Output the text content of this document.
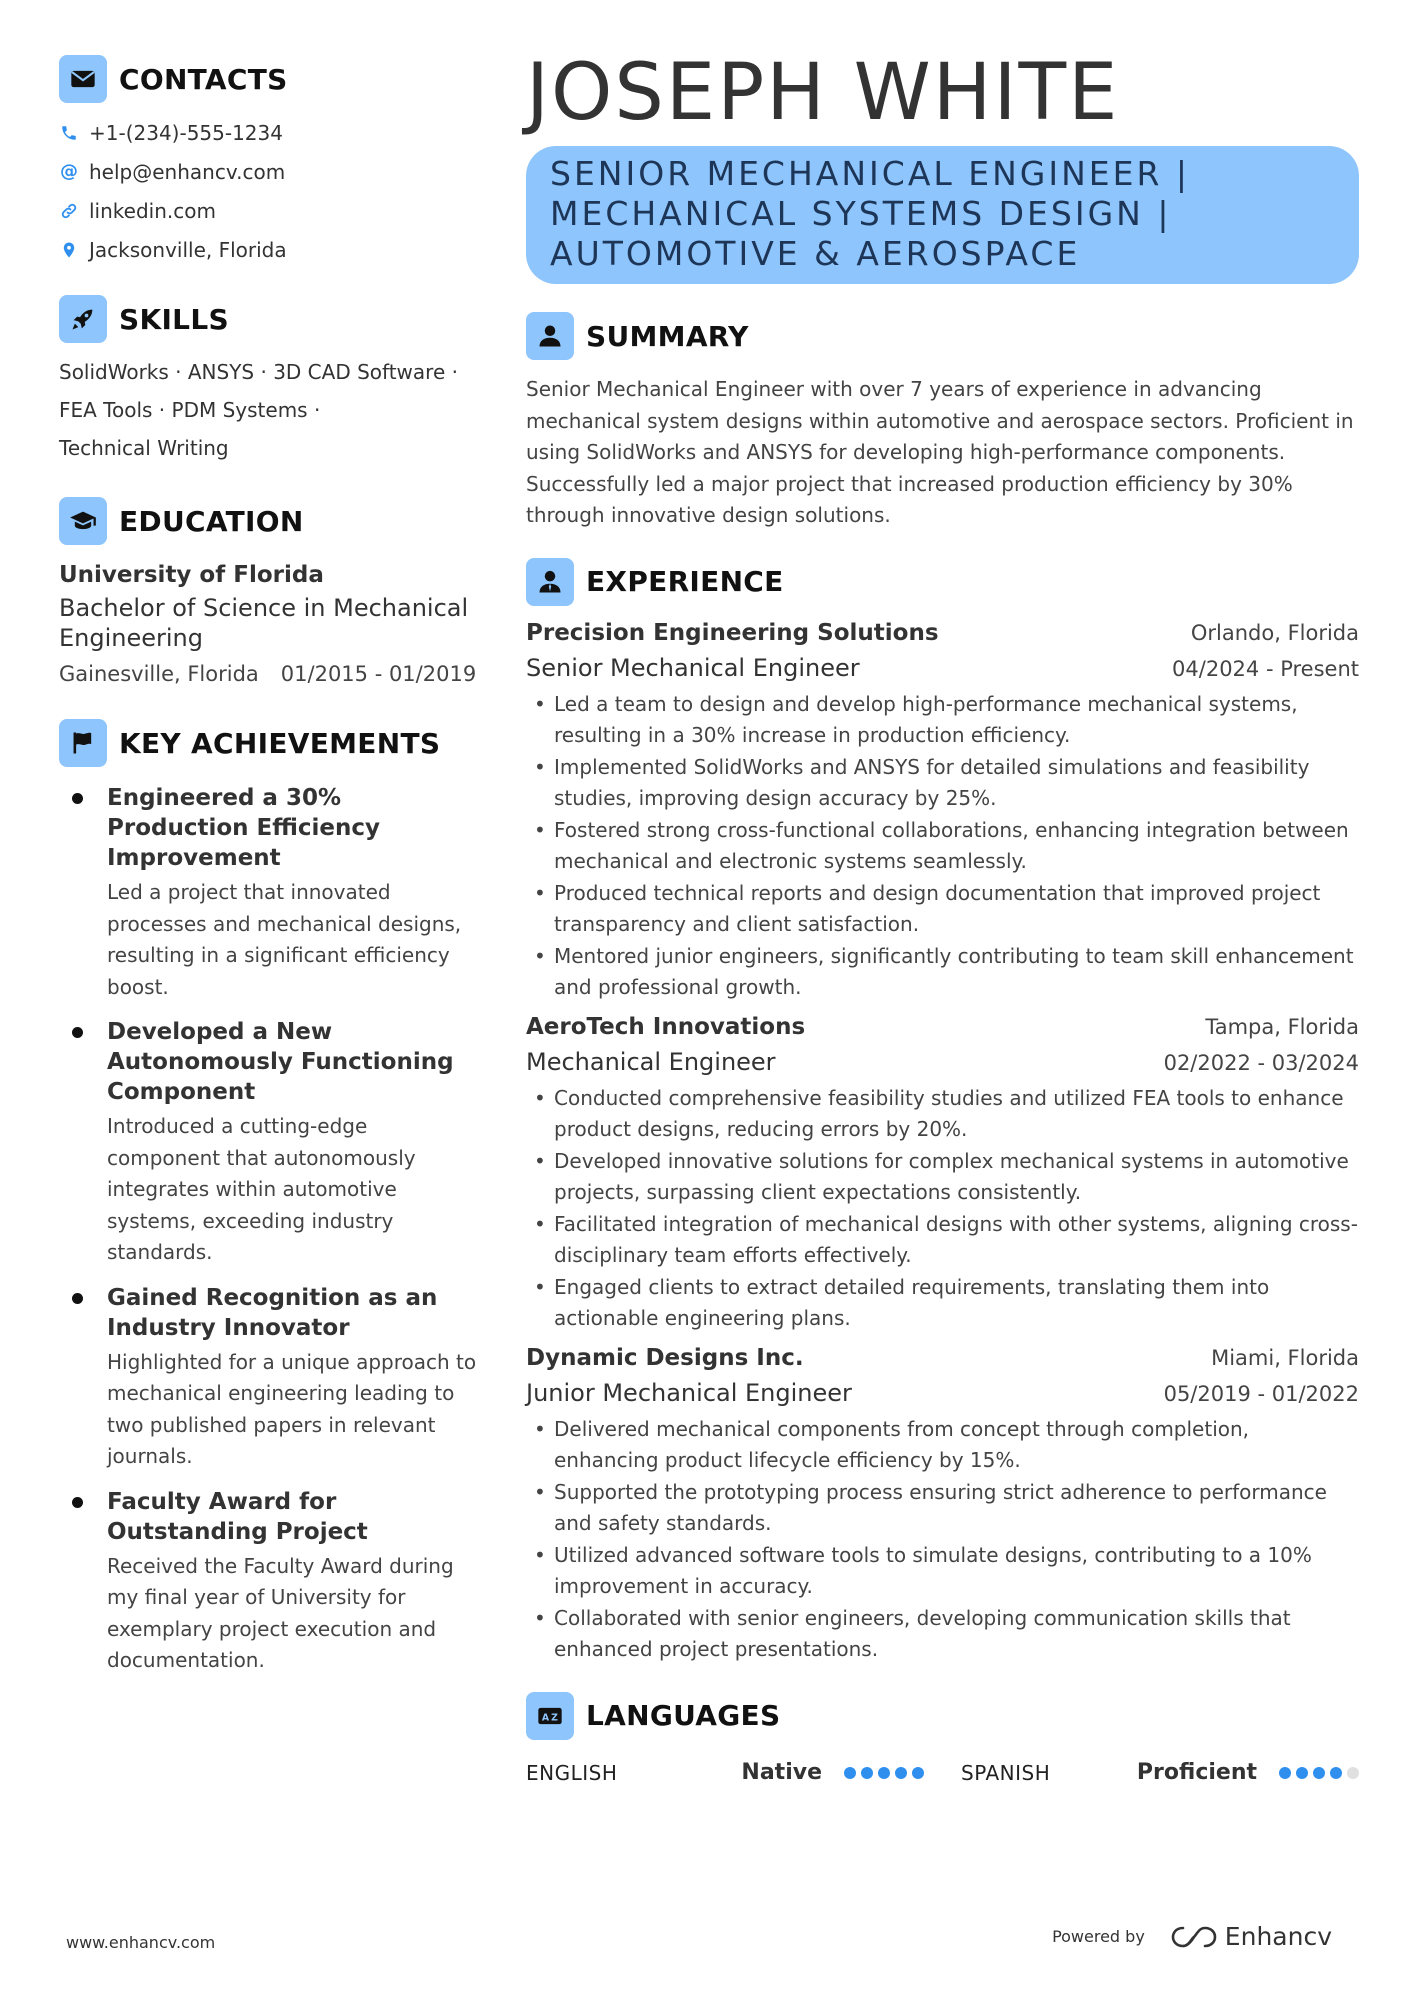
CONTACTS
+1-(234)-555-1234
@ help@enhancv.com
linkedin.com
Jacksonville, Florida
SKILLS
SolidWorks · ANSYS · 3D CAD Software ·
FEA Tools · PDM Systems ·
Technical Writing
EDUCATION
University of Florida
Bachelor of Science in Mechanical Engineering
Gainesville, Florida 01/2015 - 01/2019
KEY ACHIEVEMENTS
Engineered a 30% Production Efficiency Improvement
Led a project that innovated processes and mechanical designs, resulting in a significant efficiency boost.
Developed a New Autonomously Functioning Component
Introduced a cutting-edge component that autonomously integrates within automotive systems, exceeding industry standards.
Gained Recognition as an Industry Innovator
Highlighted for a unique approach to mechanical engineering leading to two published papers in relevant journals.
Faculty Award for Outstanding Project
Received the Faculty Award during my final year of University for exemplary project execution and documentation.
JOSEPH WHITE
SENIOR MECHANICAL ENGINEER |
MECHANICAL SYSTEMS DESIGN |
AUTOMOTIVE & AEROSPACE
SUMMARY
Senior Mechanical Engineer with over 7 years of experience in advancing mechanical system designs within automotive and aerospace sectors. Proficient in using SolidWorks and ANSYS for developing high-performance components. Successfully led a major project that increased production efficiency by 30% through innovative design solutions.
EXPERIENCE
Precision Engineering Solutions	Orlando, Florida
Senior Mechanical Engineer	04/2024 - Present
• Led a team to design and develop high-performance mechanical systems, resulting in a 30% increase in production efficiency.
• Implemented SolidWorks and ANSYS for detailed simulations and feasibility studies, improving design accuracy by 25%.
• Fostered strong cross-functional collaborations, enhancing integration between mechanical and electronic systems seamlessly.
• Produced technical reports and design documentation that improved project transparency and client satisfaction.
• Mentored junior engineers, significantly contributing to team skill enhancement and professional growth.
AeroTech Innovations	Tampa, Florida
Mechanical Engineer	02/2022 - 03/2024
• Conducted comprehensive feasibility studies and utilized FEA tools to enhance product designs, reducing errors by 20%.
• Developed innovative solutions for complex mechanical systems in automotive projects, surpassing client expectations consistently.
• Facilitated integration of mechanical designs with other systems, aligning cross-disciplinary team efforts effectively.
• Engaged clients to extract detailed requirements, translating them into actionable engineering plans.
Dynamic Designs Inc.	Miami, Florida
Junior Mechanical Engineer	05/2019 - 01/2022
• Delivered mechanical components from concept through completion, enhancing product lifecycle efficiency by 15%.
• Supported the prototyping process ensuring strict adherence to performance and safety standards.
• Utilized advanced software tools to simulate designs, contributing to a 10% improvement in accuracy.
• Collaborated with senior engineers, developing communication skills that enhanced project presentations.
A Z LANGUAGES
ENGLISH	Native	SPANISH	Proficient
www.enhancv.com	Powered by	Enhancv
